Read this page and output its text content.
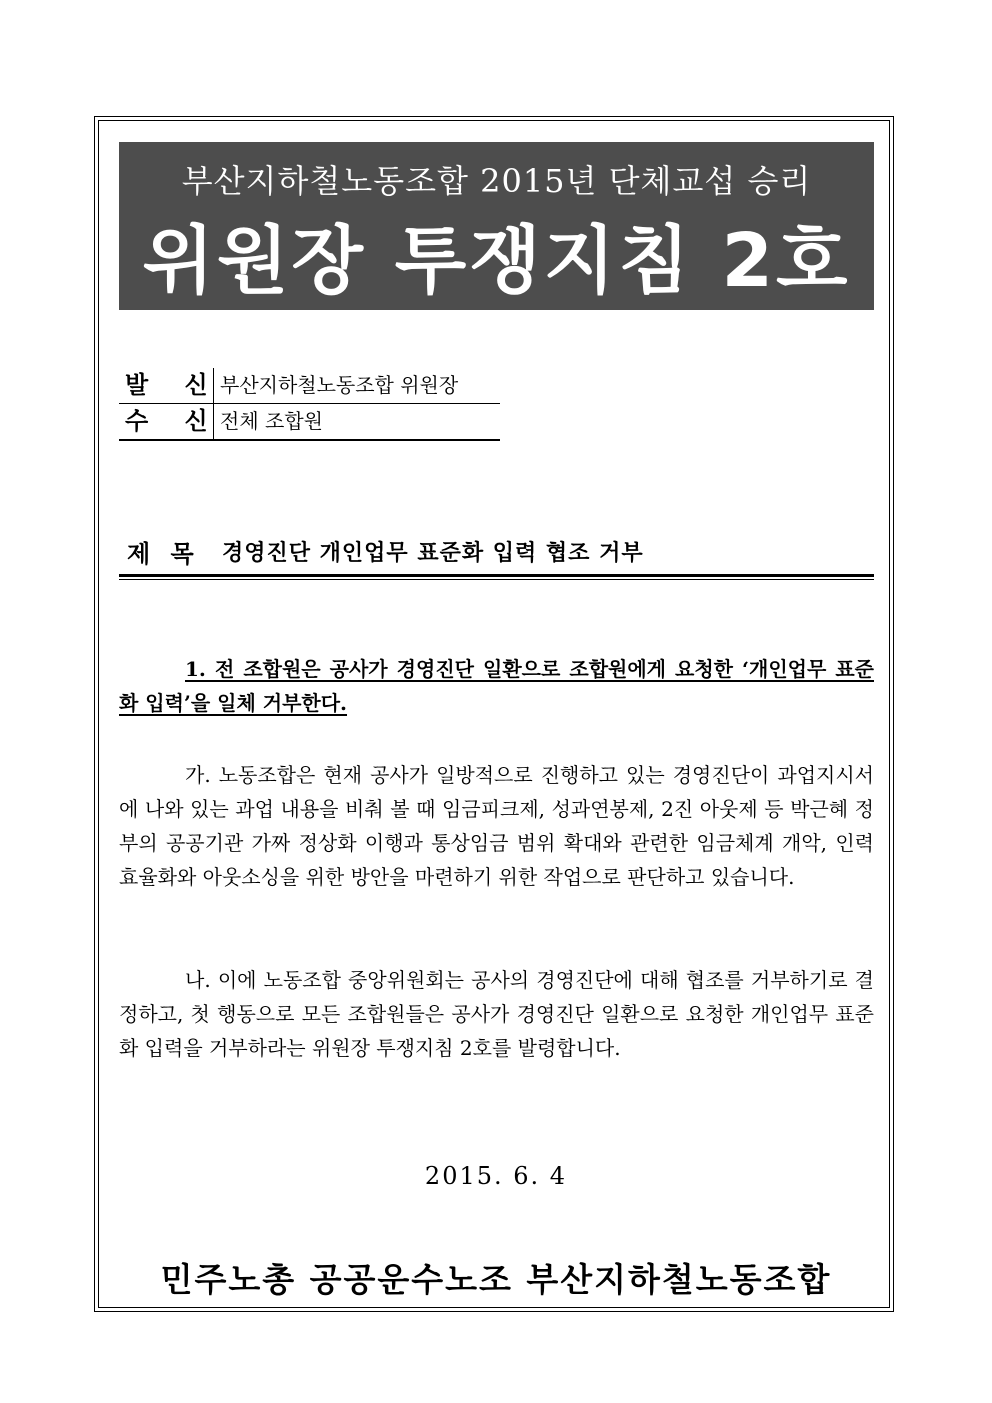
부산지하철노동조합 2015년 단체교섭 승리
위원장 투쟁지침 2호
발 신
부산지하철노동조합 위원장
수 신
전체 조합원
제 목 경영진단 개인업무 표준화 입력 협조 거부

1. 전 조합원은 공사가 경영진단 일환으로 조합원에게 요청한 ‘개인업무 표준화 입력’을 일체 거부한다.

가. 노동조합은 현재 공사가 일방적으로 진행하고 있는 경영진단이 과업지시서에 나와 있는 과업 내용을 비춰 볼 때 임금피크제, 성과연봉제, 2진 아웃제 등 박근혜 정부의 공공기관 가짜 정상화 이행과 통상임금 범위 확대와 관련한 임금체계 개악, 인력 효율화와 아웃소싱을 위한 방안을 마련하기 위한 작업으로 판단하고 있습니다.

나. 이에 노동조합 중앙위원회는 공사의 경영진단에 대해 협조를 거부하기로 결정하고, 첫 행동으로 모든 조합원들은 공사가 경영진단 일환으로 요청한 개인업무 표준화 입력을 거부하라는 위원장 투쟁지침 2호를 발령합니다.

2015. 6. 4
민주노총 공공운수노조 부산지하철노동조합
